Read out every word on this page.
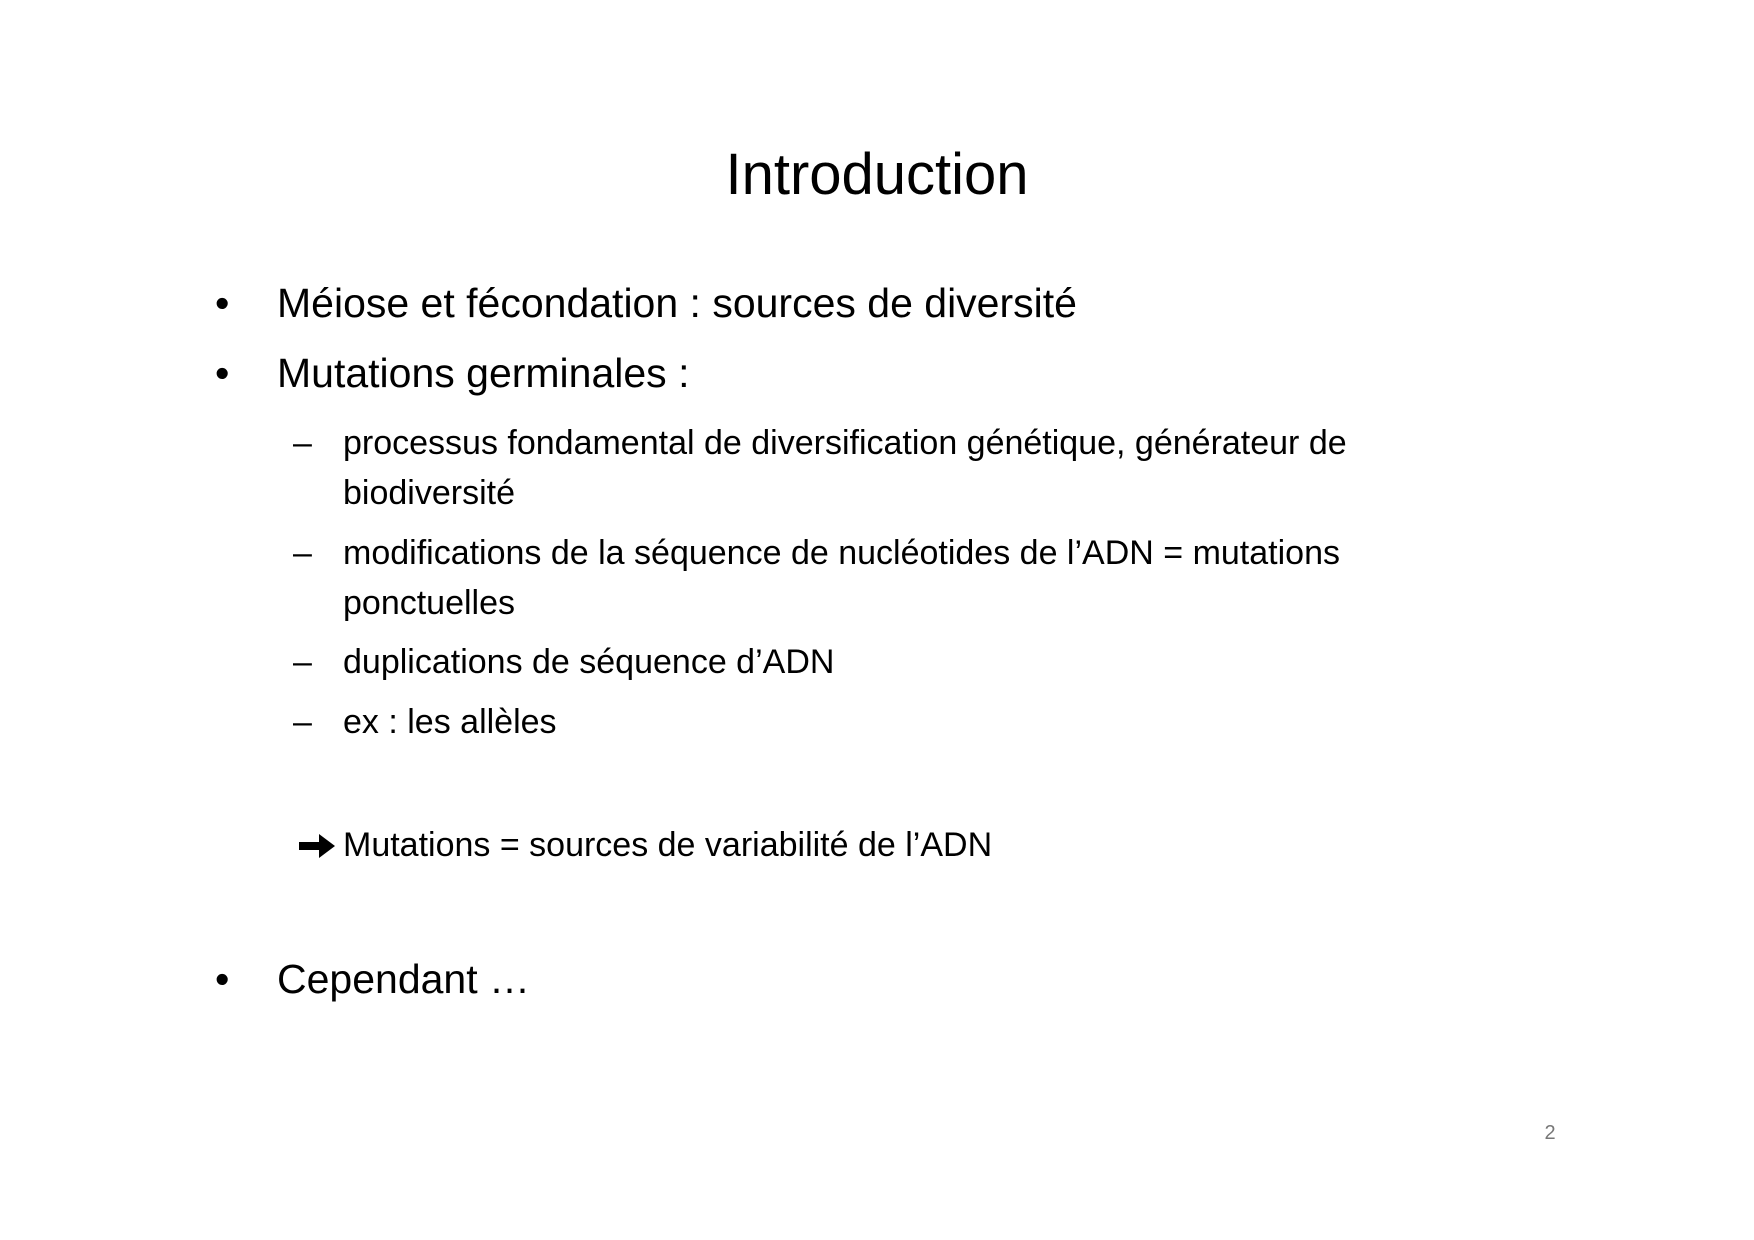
Introduction
•	Méiose et fécondation : sources de diversité
•	Mutations germinales :
– processus fondamental de diversification génétique, générateur de biodiversité
– modifications de la séquence de nucléotides de l’ADN = mutations ponctuelles
– duplications de séquence d’ADN
– ex : les allèles
Mutations = sources de variabilité de l’ADN
•	Cependant …
2
